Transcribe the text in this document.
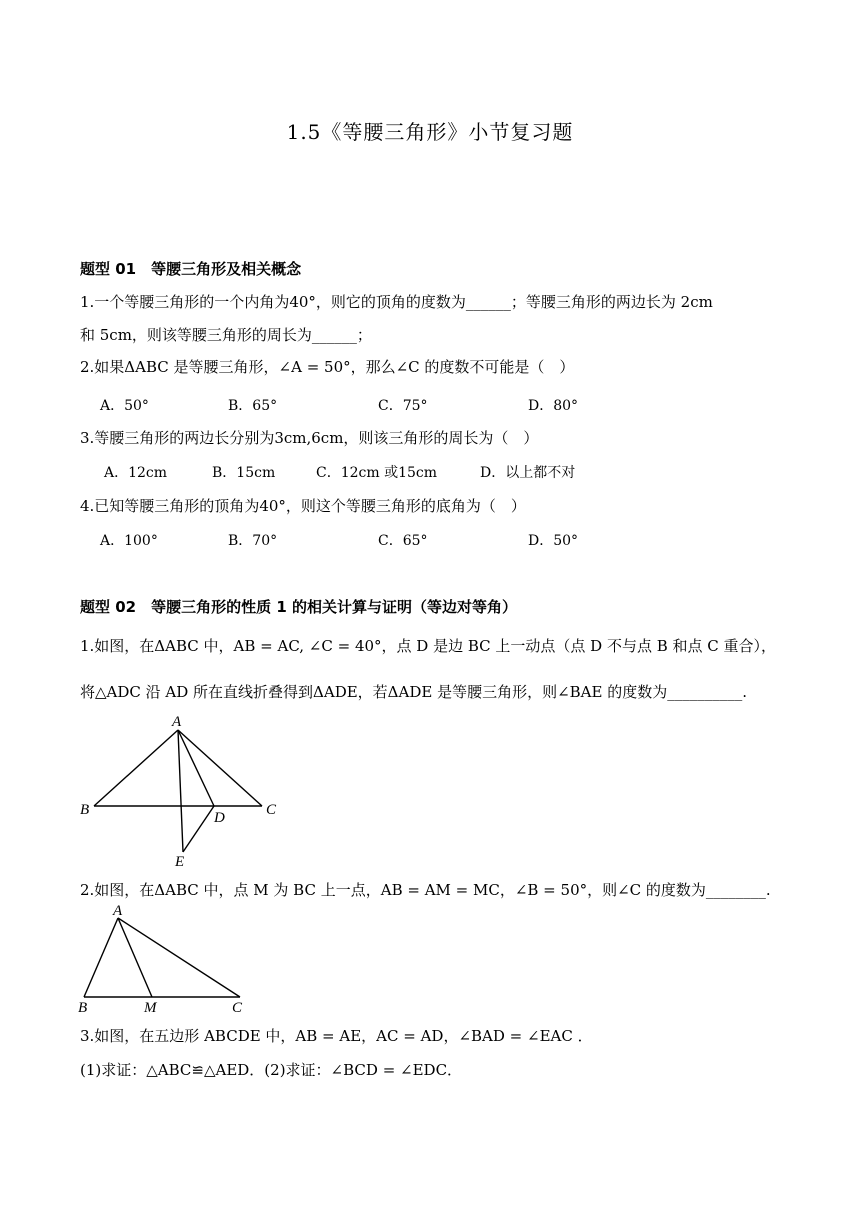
1.5《等腰三角形》小节复习题
题型 01　等腰三角形及相关概念
1.一个等腰三角形的一个内角为40°，则它的顶角的度数为______；等腰三角形的两边长为 2cm
和 5cm，则该等腰三角形的周长为______；
2.如果ΔABC 是等腰三角形，∠A = 50°，那么∠C 的度数不可能是（　）
A．50°	B．65°	C．75°	D．80°
3.等腰三角形的两边长分别为3cm,6cm，则该三角形的周长为（　）
A．12cm	B．15cm	C．12cm 或15cm	D．以上都不对
4.已知等腰三角形的顶角为40°，则这个等腰三角形的底角为（　）
A．100°	B．70°	C．65°	D．50°
题型 02　等腰三角形的性质 1 的相关计算与证明（等边对等角）
1.如图，在ΔABC 中，AB = AC, ∠C = 40°，点 D 是边 BC 上一动点（点 D 不与点 B 和点 C 重合），
将△ADC 沿 AD 所在直线折叠得到ΔADE，若ΔADE 是等腰三角形，则∠BAE 的度数为__________.
A
B	C
D
E
2.如图，在ΔABC 中，点 M 为 BC 上一点，AB = AM = MC，∠B = 50°，则∠C 的度数为________.
A
B	M	C
3.如图，在五边形 ABCDE 中，AB = AE，AC = AD，∠BAD = ∠EAC ．
(1)求证：△ABC≌△AED．(2)求证：∠BCD = ∠EDC．
